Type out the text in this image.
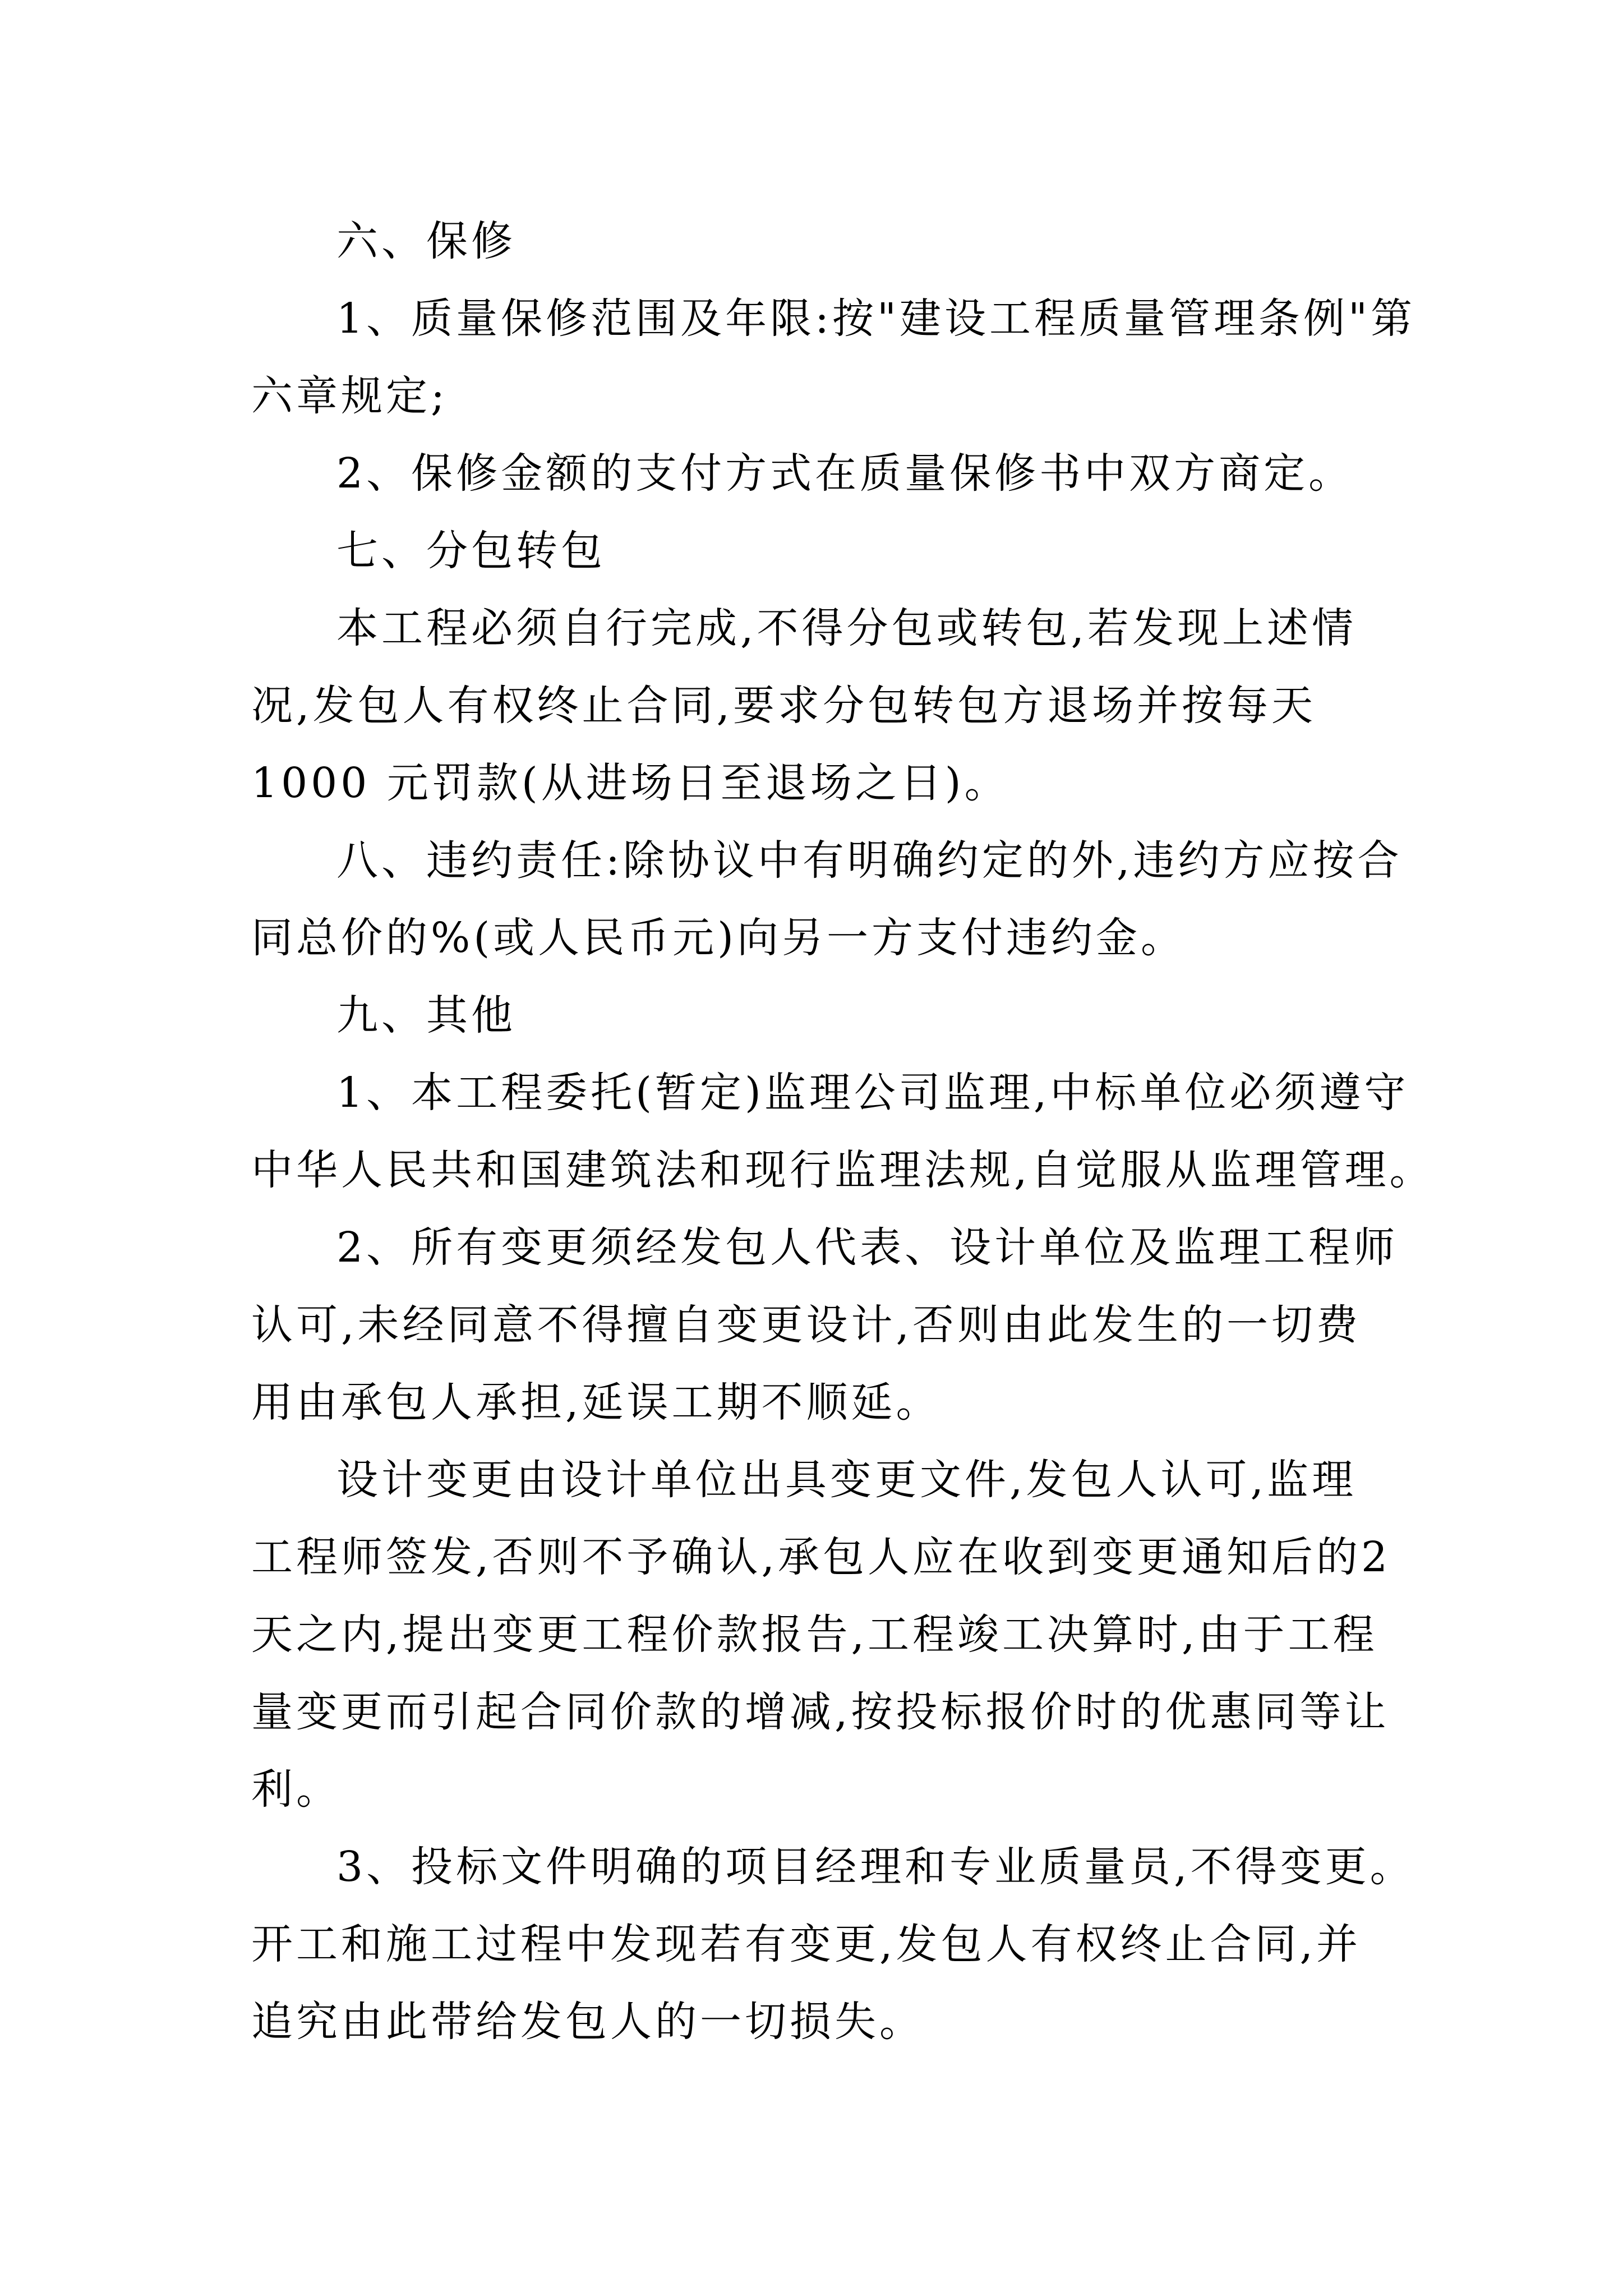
六、保修
1、质量保修范围及年限:按"建设工程质量管理条例"第
六章规定;
2、保修金额的支付方式在质量保修书中双方商定。
七、分包转包
本工程必须自行完成,不得分包或转包,若发现上述情
况,发包人有权终止合同,要求分包转包方退场并按每天
1000 元罚款(从进场日至退场之日)。
八、违约责任:除协议中有明确约定的外,违约方应按合
同总价的%(或人民币元)向另一方支付违约金。
九、其他
1、本工程委托(暂定)监理公司监理,中标单位必须遵守
中华人民共和国建筑法和现行监理法规,自觉服从监理管理。
2、所有变更须经发包人代表、设计单位及监理工程师
认可,未经同意不得擅自变更设计,否则由此发生的一切费
用由承包人承担,延误工期不顺延。
设计变更由设计单位出具变更文件,发包人认可,监理
工程师签发,否则不予确认,承包人应在收到变更通知后的2
天之内,提出变更工程价款报告,工程竣工决算时,由于工程
量变更而引起合同价款的增减,按投标报价时的优惠同等让
利。
3、投标文件明确的项目经理和专业质量员,不得变更。
开工和施工过程中发现若有变更,发包人有权终止合同,并
追究由此带给发包人的一切损失。
